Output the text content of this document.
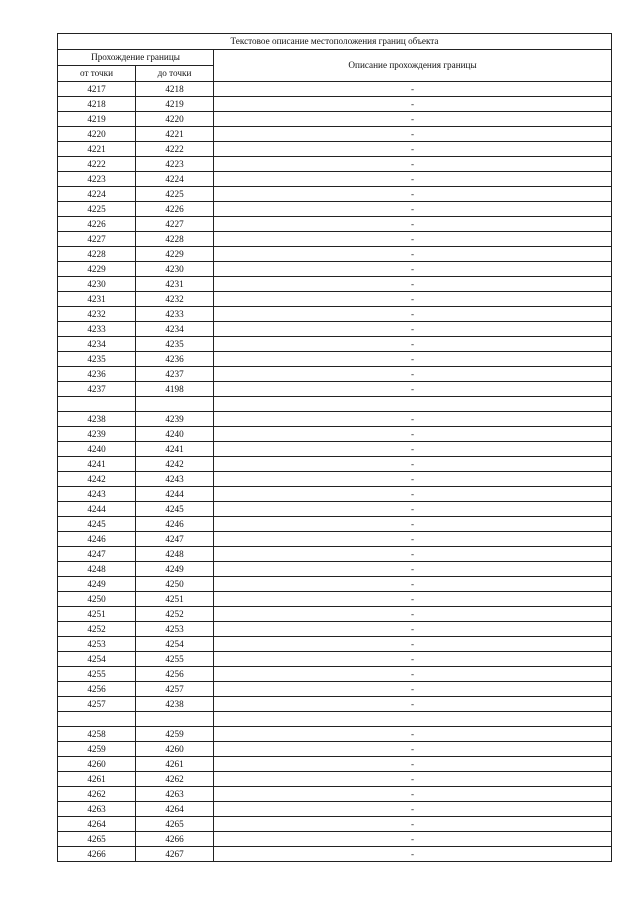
Текстовое описание местоположения границ объекта		
Прохождение границы		Описание прохождения границы
от точки	до точки	
4217	4218	-
4218	4219	-
4219	4220	-
4220	4221	-
4221	4222	-
4222	4223	-
4223	4224	-
4224	4225	-
4225	4226	-
4226	4227	-
4227	4228	-
4228	4229	-
4229	4230	-
4230	4231	-
4231	4232	-
4232	4233	-
4233	4234	-
4234	4235	-
4235	4236	-
4236	4237	-
4237	4198	-

4238	4239	-
4239	4240	-
4240	4241	-
4241	4242	-
4242	4243	-
4243	4244	-
4244	4245	-
4245	4246	-
4246	4247	-
4247	4248	-
4248	4249	-
4249	4250	-
4250	4251	-
4251	4252	-
4252	4253	-
4253	4254	-
4254	4255	-
4255	4256	-
4256	4257	-
4257	4238	-

4258	4259	-
4259	4260	-
4260	4261	-
4261	4262	-
4262	4263	-
4263	4264	-
4264	4265	-
4265	4266	-
4266	4267	-
